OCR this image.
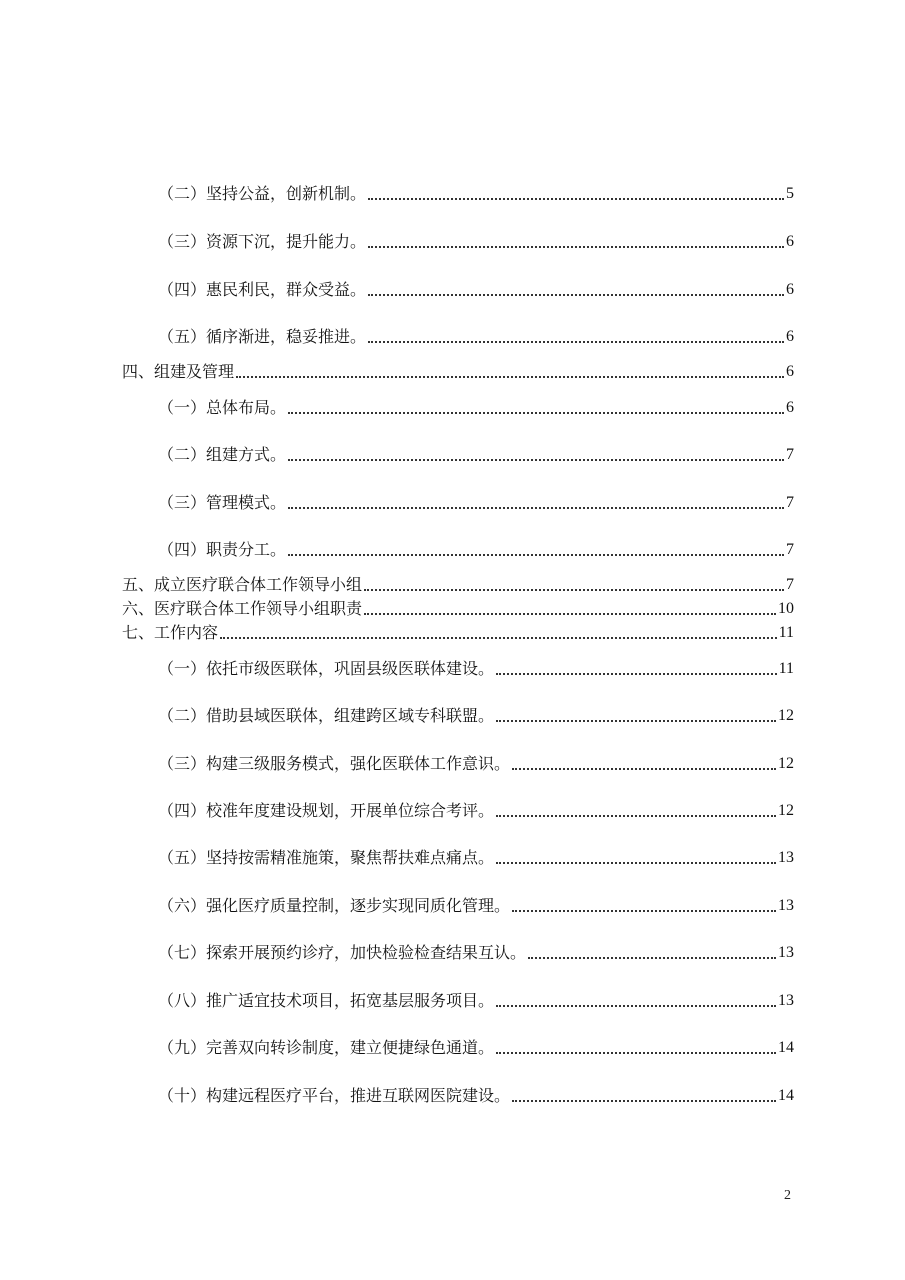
（二）坚持公益，创新机制。	5
（三）资源下沉，提升能力。	6
（四）惠民利民，群众受益。	6
（五）循序渐进，稳妥推进。	6
四、组建及管理	6
（一）总体布局。	6
（二）组建方式。	7
（三）管理模式。	7
（四）职责分工。	7
五、成立医疗联合体工作领导小组	7
六、医疗联合体工作领导小组职责	10
七、工作内容	11
（一）依托市级医联体，巩固县级医联体建设。	11
（二）借助县域医联体，组建跨区域专科联盟。	12
（三）构建三级服务模式，强化医联体工作意识。	12
（四）校准年度建设规划，开展单位综合考评。	12
（五）坚持按需精准施策，聚焦帮扶难点痛点。	13
（六）强化医疗质量控制，逐步实现同质化管理。	13
（七）探索开展预约诊疗，加快检验检查结果互认。	13
（八）推广适宜技术项目，拓宽基层服务项目。	13
（九）完善双向转诊制度，建立便捷绿色通道。	14
（十）构建远程医疗平台，推进互联网医院建设。	14
2
